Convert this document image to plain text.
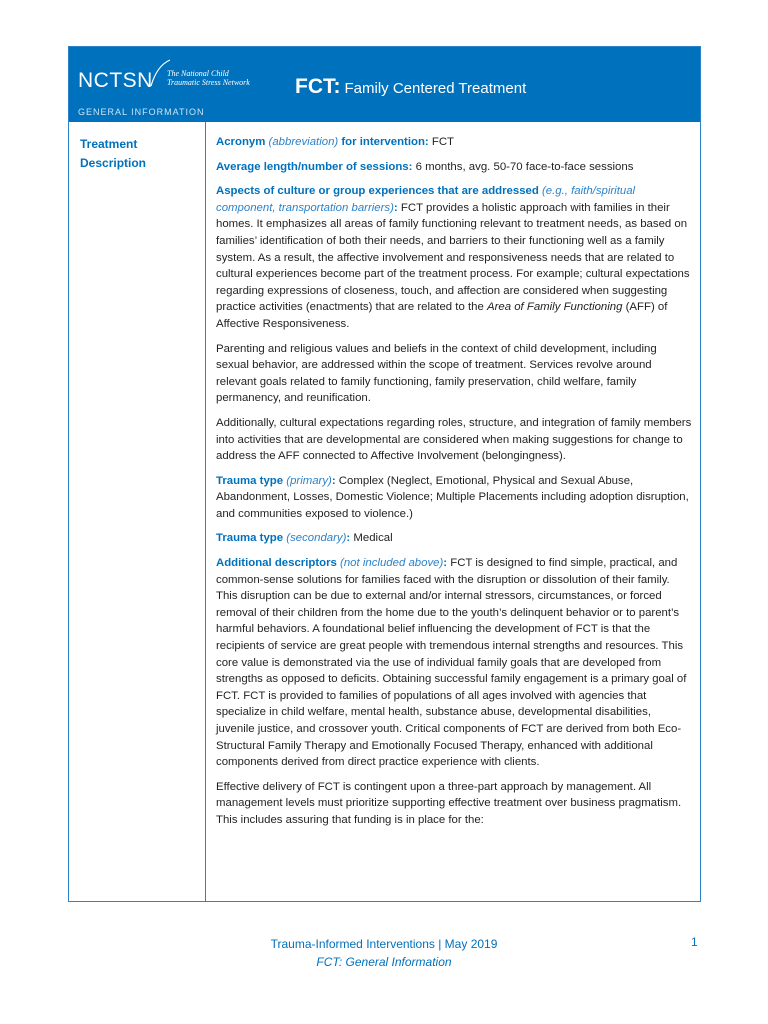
NCTSN The National Child
Traumatic Stress Network
GENERAL INFORMATION
FCT: Family Centered Treatment
Treatment
Description

Acronym (abbreviation) for intervention: FCT

Average length/number of sessions: 6 months, avg. 50-70 face-to-face sessions

Aspects of culture or group experiences that are addressed (e.g., faith/spiritual component, transportation barriers): FCT provides a holistic approach with families in their homes. It emphasizes all areas of family functioning relevant to treatment needs, as based on families’ identification of both their needs, and barriers to their functioning well as a family system. As a result, the affective involvement and responsiveness needs that are related to cultural experiences become part of the treatment process. For example; cultural expectations regarding expressions of closeness, touch, and affection are considered when suggesting practice activities (enactments) that are related to the Area of Family Functioning (AFF) of Affective Responsiveness.

Parenting and religious values and beliefs in the context of child development, including sexual behavior, are addressed within the scope of treatment. Services revolve around relevant goals related to family functioning, family preservation, child welfare, family permanency, and reunification.

Additionally, cultural expectations regarding roles, structure, and integration of family members into activities that are developmental are considered when making suggestions for change to address the AFF connected to Affective Involvement (belongingness).

Trauma type (primary): Complex (Neglect, Emotional, Physical and Sexual Abuse, Abandonment, Losses, Domestic Violence; Multiple Placements including adoption disruption, and communities exposed to violence.)

Trauma type (secondary): Medical

Additional descriptors (not included above): FCT is designed to find simple, practical, and common-sense solutions for families faced with the disruption or dissolution of their family. This disruption can be due to external and/or internal stressors, circumstances, or forced removal of their children from the home due to the youth’s delinquent behavior or to parent’s harmful behaviors. A foundational belief influencing the development of FCT is that the recipients of service are great people with tremendous internal strengths and resources. This core value is demonstrated via the use of individual family goals that are developed from strengths as opposed to deficits. Obtaining successful family engagement is a primary goal of FCT. FCT is provided to families of populations of all ages involved with agencies that specialize in child welfare, mental health, substance abuse, developmental disabilities, juvenile justice, and crossover youth. Critical components of FCT are derived from both Eco-Structural Family Therapy and Emotionally Focused Therapy, enhanced with additional components derived from direct practice experience with clients.

Effective delivery of FCT is contingent upon a three-part approach by management. All management levels must prioritize supporting effective treatment over business pragmatism. This includes assuring that funding is in place for the:

Trauma-Informed Interventions | May 2019
FCT: General Information
1
